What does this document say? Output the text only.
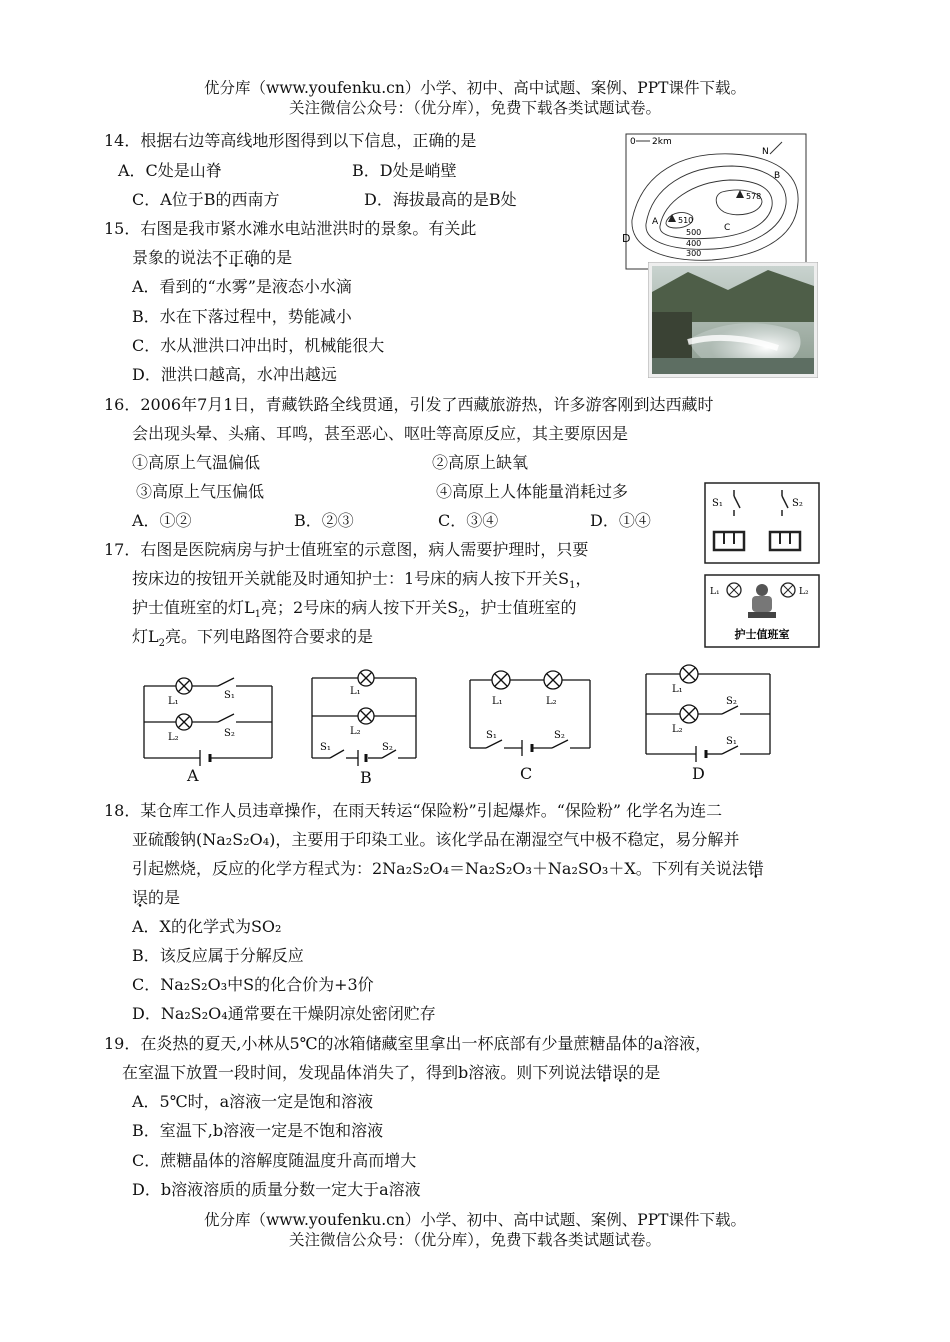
优分库（www.youfenku.cn）小学、初中、高中试题、案例、PPT课件下载。
关注微信公众号：（优分库），免费下载各类试题试卷。
14．根据右边等高线地形图得到以下信息，正确的是
A．C处是山脊	B．D处是峭壁
C．A位于B的西南方	D．海拔最高的是B处
0 2km
N
578
B
A 510
500
400
300
C
D
15．右图是我市紧水滩水电站泄洪时的景象。有关此
景象的说法不正确的是
A．看到的“水雾”是液态小水滴
B．水在下落过程中，势能减小
C．水从泄洪口冲出时，机械能很大
D．泄洪口越高，水冲出越远
16．2006年7月1日，青藏铁路全线贯通，引发了西藏旅游热，许多游客刚到达西藏时
会出现头晕、头痛、耳鸣，甚至恶心、呕吐等高原反应，其主要原因是
①高原上气温偏低	②高原上缺氧
③高原上气压偏低	④高原上人体能量消耗过多
A．①②	B．②③	C．③④	D．①④
17．右图是医院病房与护士值班室的示意图，病人需要护理时，只要
按床边的按钮开关就能及时通知护士：1号床的病人按下开关$S_1$，
护士值班室的灯$L_1$亮；2号床的病人按下开关$S_2$，护士值班室的
灯$L_2$亮。下列电路图符合要求的是
S₁	S₂
L₁	L₂
护士值班室
L₁
S₁
L₂	S₂
A
L₁
L₂
S₁	S₂
B
L₁	L₂
S₁	S₂
C
L₁
S₂
L₂
S₁
D
18．某仓库工作人员违章操作，在雨天转运“保险粉”引起爆炸。“保险粉” 化学名为连二
亚硫酸钠(Na₂S₂O₄)，主要用于印染工业。该化学品在潮湿空气中极不稳定，易分解并
引起燃烧，反应的化学方程式为：2Na₂S₂O₄＝Na₂S₂O₃＋Na₂SO₃＋X。下列有关说法错
误的是
A．X的化学式为SO₂
B．该反应属于分解反应
C．Na₂S₂O₃中S的化合价为+3价
D．Na₂S₂O₄通常要在干燥阴凉处密闭贮存
19．在炎热的夏天,小林从5℃的冰箱储藏室里拿出一杯底部有少量蔗糖晶体的a溶液，
在室温下放置一段时间，发现晶体消失了，得到b溶液。则下列说法错误的是
A．5℃时，a溶液一定是饱和溶液
B．室温下,b溶液一定是不饱和溶液
C．蔗糖晶体的溶解度随温度升高而增大
D．b溶液溶质的质量分数一定大于a溶液
优分库（www.youfenku.cn）小学、初中、高中试题、案例、PPT课件下载。
关注微信公众号：（优分库），免费下载各类试题试卷。
